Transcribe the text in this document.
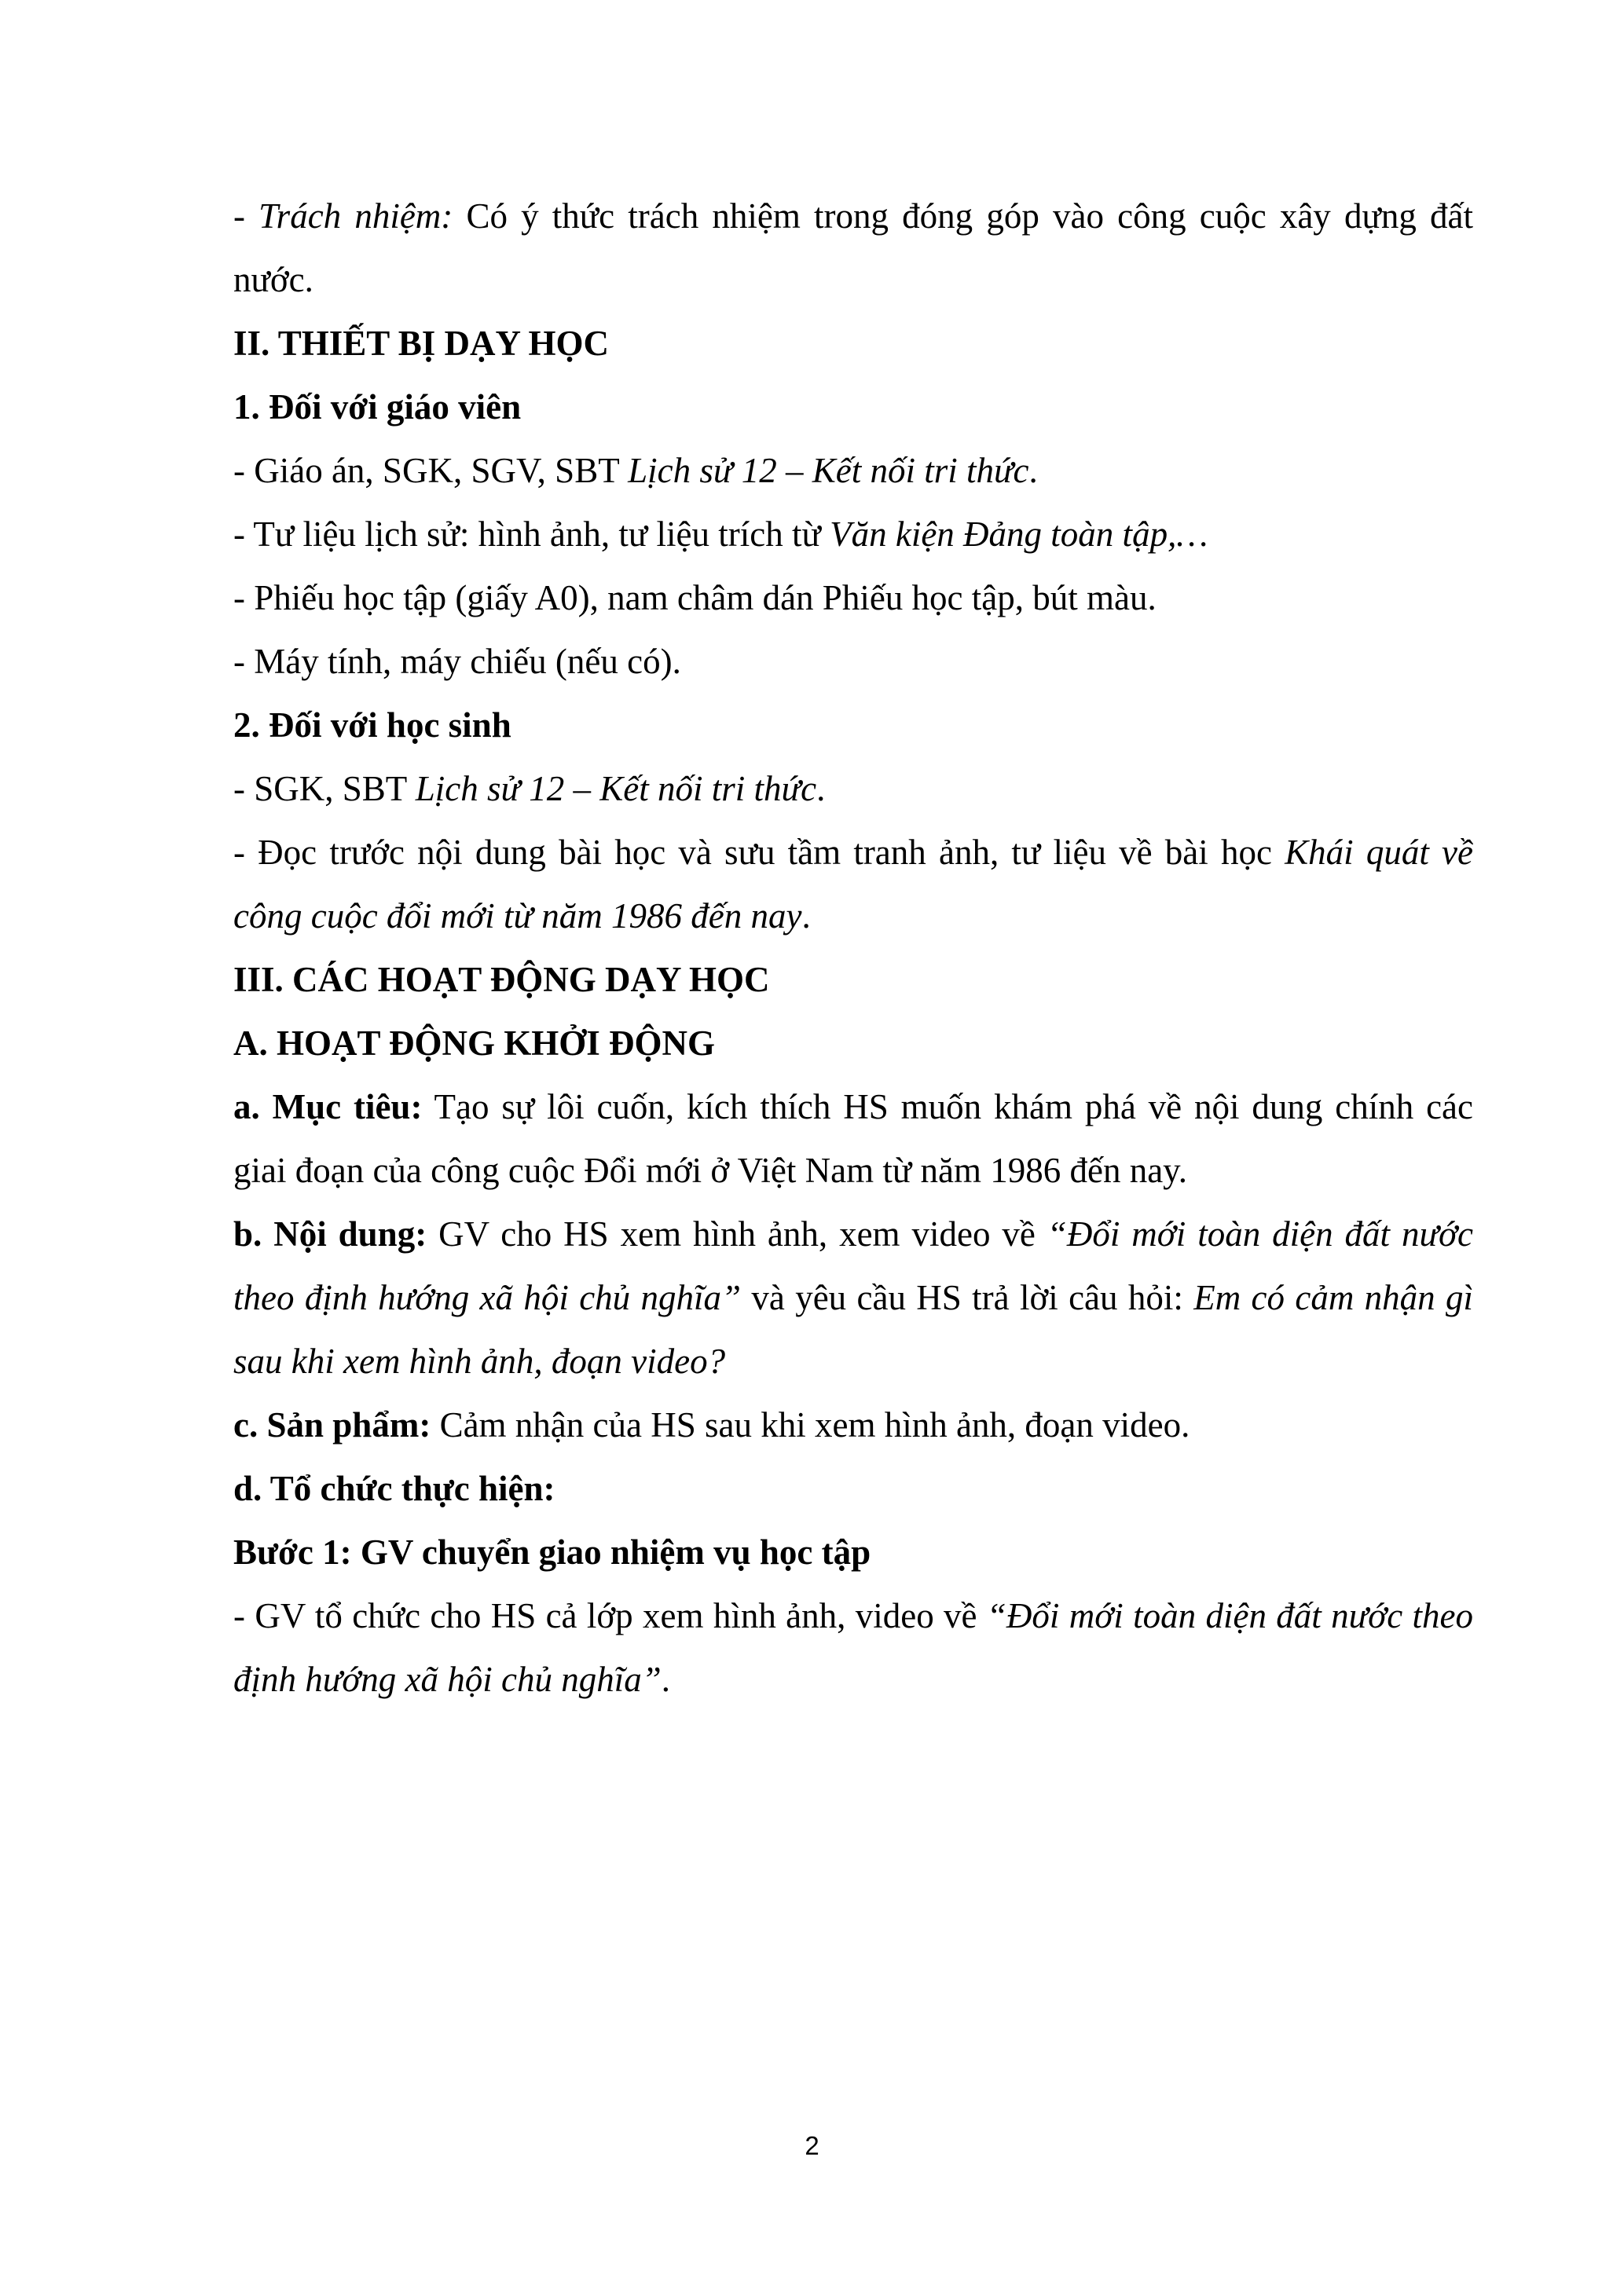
- Trách nhiệm: Có ý thức trách nhiệm trong đóng góp vào công cuộc xây dựng đất nước.

II. THIẾT BỊ DẠY HỌC

1. Đối với giáo viên

- Giáo án, SGK, SGV, SBT Lịch sử 12 – Kết nối tri thức.

- Tư liệu lịch sử: hình ảnh, tư liệu trích từ Văn kiện Đảng toàn tập,…

- Phiếu học tập (giấy A0), nam châm dán Phiếu học tập, bút màu.

- Máy tính, máy chiếu (nếu có).

2. Đối với học sinh

- SGK, SBT Lịch sử 12 – Kết nối tri thức.

- Đọc trước nội dung bài học và sưu tầm tranh ảnh, tư liệu về bài học Khái quát về công cuộc đổi mới từ năm 1986 đến nay.

III. CÁC HOẠT ĐỘNG DẠY HỌC

A. HOẠT ĐỘNG KHỞI ĐỘNG

a. Mục tiêu: Tạo sự lôi cuốn, kích thích HS muốn khám phá về nội dung chính các giai đoạn của công cuộc Đổi mới ở Việt Nam từ năm 1986 đến nay.

b. Nội dung: GV cho HS xem hình ảnh, xem video về “Đổi mới toàn diện đất nước theo định hướng xã hội chủ nghĩa” và yêu cầu HS trả lời câu hỏi: Em có cảm nhận gì sau khi xem hình ảnh, đoạn video?

c. Sản phẩm: Cảm nhận của HS sau khi xem hình ảnh, đoạn video.

d. Tổ chức thực hiện:

Bước 1: GV chuyển giao nhiệm vụ học tập

- GV tổ chức cho HS cả lớp xem hình ảnh, video về “Đổi mới toàn diện đất nước theo định hướng xã hội chủ nghĩa”.

2
